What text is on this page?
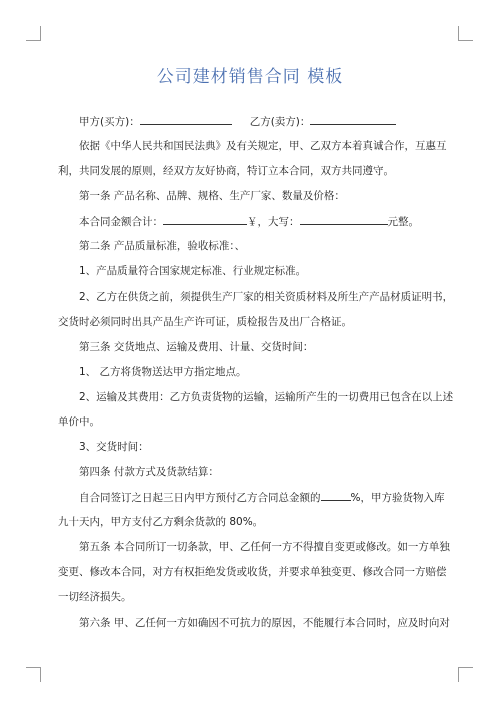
公司建材销售合同 模板
甲方(买方)：	乙方(卖方)：
依据《中华人民共和国民法典》及有关规定，甲、乙双方本着真诚合作，互惠互
利，共同发展的原则，经双方友好协商，特订立本合同，双方共同遵守。
第一条 产品名称、品牌、规格、生产厂家、数量及价格：
本合同金额合计：	￥，大写：	元整。
第二条 产品质量标准，验收标准：、
1、产品质量符合国家规定标准、行业规定标准。
2、乙方在供货之前，须提供生产厂家的相关资质材料及所生产产品材质证明书，
交货时必须同时出具产品生产许可证，质检报告及出厂合格证。
第三条 交货地点、运输及费用、计量、交货时间：
1、 乙方将货物送达甲方指定地点。
2、运输及其费用：乙方负责货物的运输，运输所产生的一切费用已包含在以上述
单价中。
3、交货时间：
第四条 付款方式及货款结算：
自合同签订之日起三日内甲方预付乙方合同总金额的	%，甲方验货物入库
九十天内，甲方支付乙方剩余货款的 80%。
第五条 本合同所订一切条款，甲、乙任何一方不得擅自变更或修改。如一方单独
变更、修改本合同，对方有权拒绝发货或收货，并要求单独变更、修改合同一方赔偿
一切经济损失。
第六条 甲、乙任何一方如确因不可抗力的原因，不能履行本合同时，应及时向对
